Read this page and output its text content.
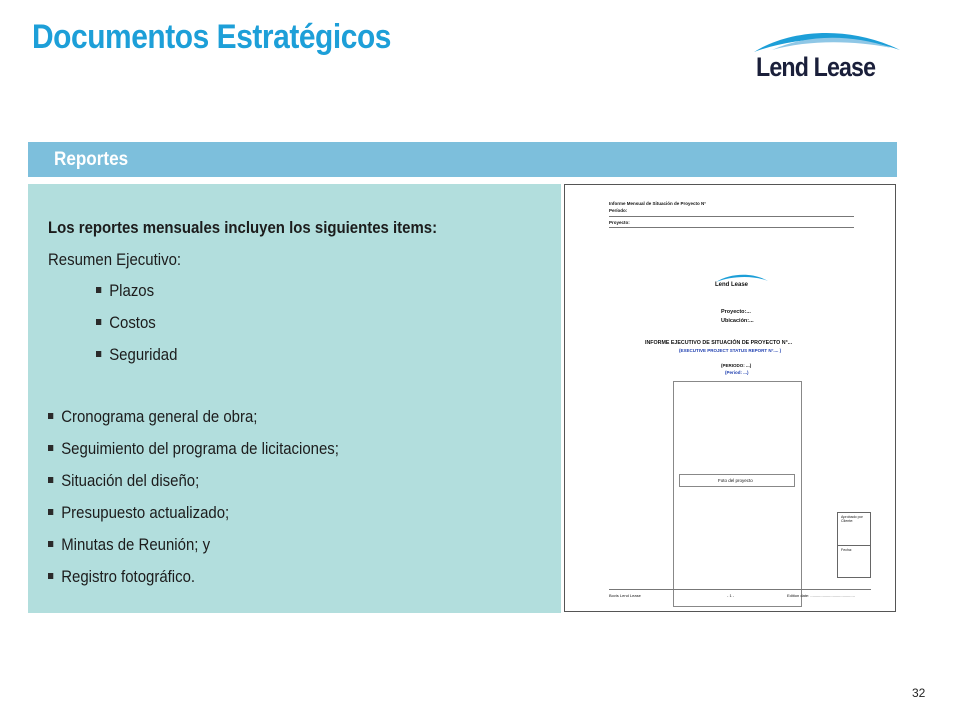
Documentos Estratégicos
Lend Lease
Reportes
Los reportes mensuales incluyen los siguientes items:
Resumen Ejecutivo:
Plazos
Costos
Seguridad
Cronograma general de obra;
Seguimiento del programa de licitaciones;
Situación del diseño;
Presupuesto actualizado;
Minutas de Reunión; y
Registro fotográfico.
Informe Mensual de Situación de Proyecto N°
Período:
Proyecto:
Lend Lease
Proyecto:...
Ubicación:...
INFORME EJECUTIVO DE SITUACIÓN DE PROYECTO N°...
(EXECUTIVE PROJECT STATUS REPORT N°.... )
(PERIODO: ...)
(Period: ...)
Foto del proyecto
Aprobado por Cliente:
Fecha:
Bovis Lend Lease	- 1 -	Edition date: ........................................
32
